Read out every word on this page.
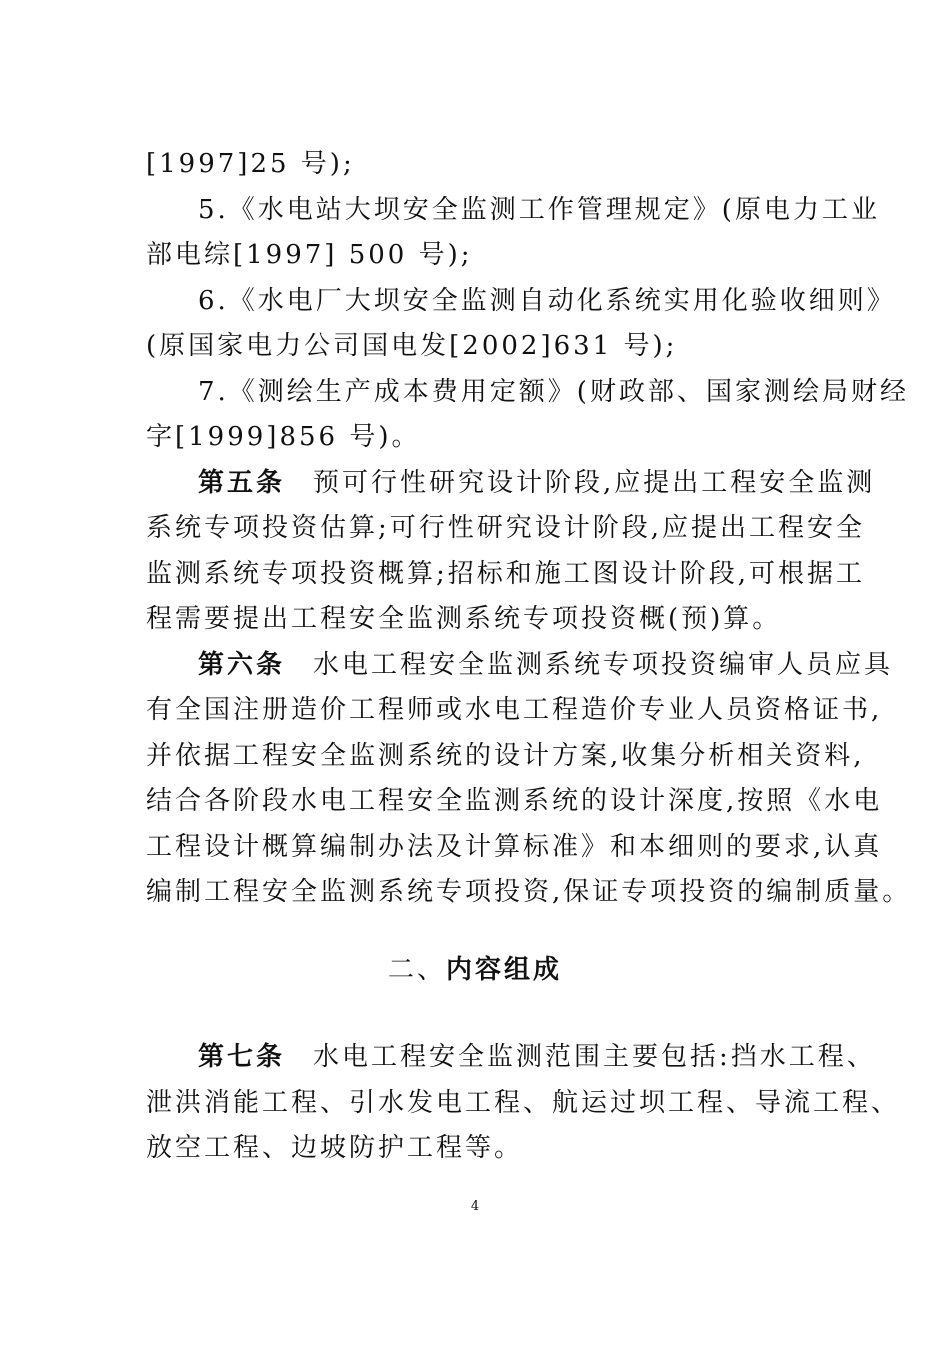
[1997]25 号);
5.《水电站大坝安全监测工作管理规定》(原电力工业
部电综[1997] 500 号);
6.《水电厂大坝安全监测自动化系统实用化验收细则》
(原国家电力公司国电发[2002]631 号);
7.《测绘生产成本费用定额》(财政部、国家测绘局财经
字[1999]856 号)。
第五条 预可行性研究设计阶段,应提出工程安全监测
系统专项投资估算;可行性研究设计阶段,应提出工程安全
监测系统专项投资概算;招标和施工图设计阶段,可根据工
程需要提出工程安全监测系统专项投资概(预)算。
第六条 水电工程安全监测系统专项投资编审人员应具
有全国注册造价工程师或水电工程造价专业人员资格证书,
并依据工程安全监测系统的设计方案,收集分析相关资料,
结合各阶段水电工程安全监测系统的设计深度,按照《水电
工程设计概算编制办法及计算标准》和本细则的要求,认真
编制工程安全监测系统专项投资,保证专项投资的编制质量。
二、内容组成
第七条 水电工程安全监测范围主要包括:挡水工程、
泄洪消能工程、引水发电工程、航运过坝工程、导流工程、
放空工程、边坡防护工程等。
4
